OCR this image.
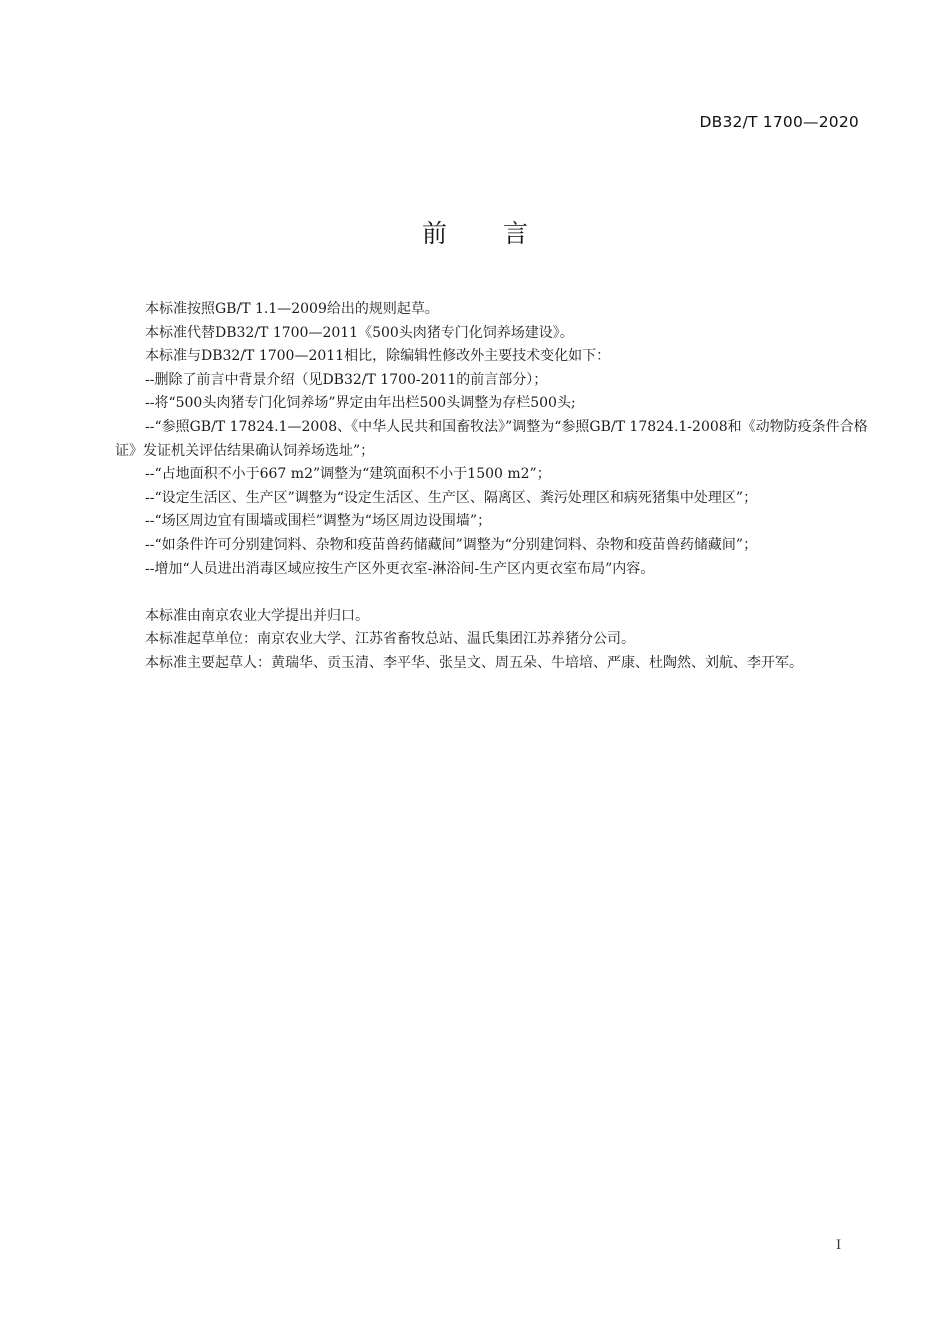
DB32/T 1700—2020
前 言

本标准按照GB/T 1.1—2009给出的规则起草。

本标准代替DB32/T 1700—2011《500头肉猪专门化饲养场建设》。

本标准与DB32/T 1700—2011相比，除编辑性修改外主要技术变化如下：

--删除了前言中背景介绍（见DB32/T 1700-2011的前言部分）；

--将“500头肉猪专门化饲养场”界定由年出栏500头调整为存栏500头;

--“参照GB/T 17824.1—2008、《中华人民共和国畜牧法》”调整为“参照GB/T 17824.1-2008和《动物防疫条件合格证》发证机关评估结果确认饲养场选址”；

--“占地面积不小于667 m2”调整为“建筑面积不小于1500 m2”；

--“设定生活区、生产区”调整为“设定生活区、生产区、隔离区、粪污处理区和病死猪集中处理区”；

--“场区周边宜有围墙或围栏”调整为“场区周边设围墙”；

--“如条件许可分别建饲料、杂物和疫苗兽药储藏间”调整为“分别建饲料、杂物和疫苗兽药储藏间”；

--增加“人员进出消毒区域应按生产区外更衣室-淋浴间-生产区内更衣室布局”内容。

本标准由南京农业大学提出并归口。

本标准起草单位：南京农业大学、江苏省畜牧总站、温氏集团江苏养猪分公司。

本标准主要起草人：黄瑞华、贡玉清、李平华、张呈文、周五朵、牛培培、严康、杜陶然、刘航、李开军。

I
